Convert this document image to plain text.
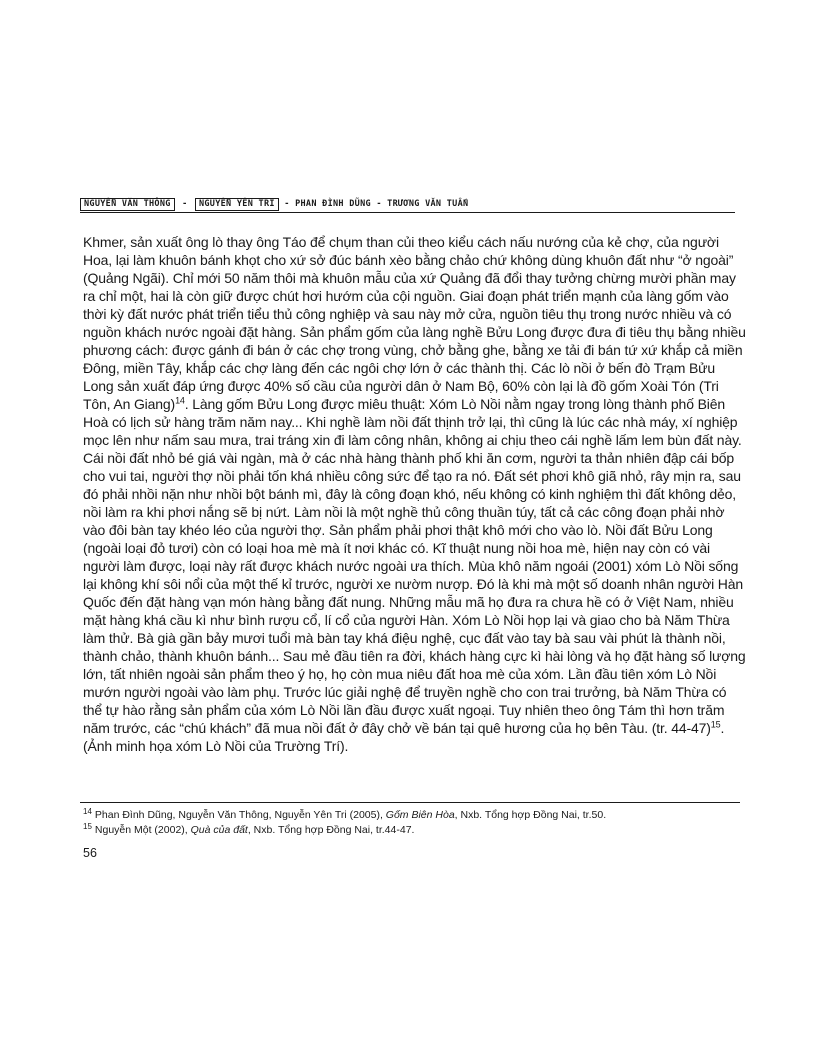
NGUYỄN VĂN THÔNG - NGUYỄN YÊN TRI - PHAN ĐÌNH DŨNG - TRƯƠNG VĂN TUẤN

Khmer, sản xuất ông lò thay ông Táo để chụm than củi theo kiểu cách nấu nướng của kẻ chợ, của người Hoa, lại làm khuôn bánh khọt cho xứ sở đúc bánh xèo bằng chảo chứ không dùng khuôn đất như “ở ngoài” (Quảng Ngãi). Chỉ mới 50 năm thôi mà khuôn mẫu của xứ Quảng đã đổi thay tưởng chừng mười phần may ra chỉ một, hai là còn giữ được chút hơi hướm của cội nguồn. Giai đoạn phát triển mạnh của làng gốm vào thời kỳ đất nước phát triển tiểu thủ công nghiệp và sau này mở cửa, nguồn tiêu thụ trong nước nhiều và có nguồn khách nước ngoài đặt hàng. Sản phẩm gốm của làng nghề Bửu Long được đưa đi tiêu thụ bằng nhiều phương cách: được gánh đi bán ở các chợ trong vùng, chở bằng ghe, bằng xe tải đi bán tứ xứ khắp cả miền Đông, miền Tây, khắp các chợ làng đến các ngôi chợ lớn ở các thành thị. Các lò nồi ở bến đò Trạm Bửu Long sản xuất đáp ứng được 40% số cầu của người dân ở Nam Bộ, 60% còn lại là đồ gốm Xoài Tón (Tri Tôn, An Giang)$^{14}$. Làng gốm Bửu Long được miêu thuật: Xóm Lò Nồi nằm ngay trong lòng thành phố Biên Hoà có lịch sử hàng trăm năm nay... Khi nghề làm nồi đất thịnh trở lại, thì cũng là lúc các nhà máy, xí nghiệp mọc lên như nấm sau mưa, trai tráng xin đi làm công nhân, không ai chịu theo cái nghề lấm lem bùn đất này. Cái nồi đất nhỏ bé giá vài ngàn, mà ở các nhà hàng thành phố khi ăn cơm, người ta thản nhiên đập cái bốp cho vui tai, người thợ nồi phải tốn khá nhiều công sức để tạo ra nó. Đất sét phơi khô giã nhỏ, rây mịn ra, sau đó phải nhồi nặn như nhồi bột bánh mì, đây là công đoạn khó, nếu không có kinh nghiệm thì đất không dẻo, nồi làm ra khi phơi nắng sẽ bị nứt. Làm nồi là một nghề thủ công thuần túy, tất cả các công đoạn phải nhờ vào đôi bàn tay khéo léo của người thợ. Sản phẩm phải phơi thật khô mới cho vào lò. Nồi đất Bửu Long (ngoài loại đỏ tươi) còn có loại hoa mè mà ít nơi khác có. Kĩ thuật nung nồi hoa mè, hiện nay còn có vài người làm được, loại này rất được khách nước ngoài ưa thích. Mùa khô năm ngoái (2001) xóm Lò Nồi sống lại không khí sôi nổi của một thế kỉ trước, người xe nườm nượp. Đó là khi mà một số doanh nhân người Hàn Quốc đến đặt hàng vạn món hàng bằng đất nung. Những mẫu mã họ đưa ra chưa hề có ở Việt Nam, nhiều mặt hàng khá cầu kì như bình rượu cổ, lí cổ của người Hàn. Xóm Lò Nồi họp lại và giao cho bà Năm Thừa làm thử. Bà già gần bảy mươi tuổi mà bàn tay khá điệu nghệ, cục đất vào tay bà sau vài phút là thành nồi, thành chảo, thành khuôn bánh... Sau mẻ đầu tiên ra đời, khách hàng cực kì hài lòng và họ đặt hàng số lượng lớn, tất nhiên ngoài sản phẩm theo ý họ, họ còn mua niêu đất hoa mè của xóm. Lần đầu tiên xóm Lò Nồi mướn người ngoài vào làm phụ. Trước lúc giải nghệ để truyền nghề cho con trai trưởng, bà Năm Thừa có thể tự hào rằng sản phẩm của xóm Lò Nồi lần đầu được xuất ngoại. Tuy nhiên theo ông Tám thì hơn trăm năm trước, các “chú khách” đã mua nồi đất ở đây chở về bán tại quê hương của họ bên Tàu. (tr. 44-47)$^{15}$. (Ảnh minh họa xóm Lò Nồi của Trường Trí).

$^{14}$ Phan Đình Dũng, Nguyễn Văn Thông, Nguyễn Yên Tri (2005), Gốm Biên Hòa, Nxb. Tổng hợp Đồng Nai, tr.50.
$^{15}$ Nguyễn Một (2002), Quà của đất, Nxb. Tổng hợp Đồng Nai, tr.44-47.
56
